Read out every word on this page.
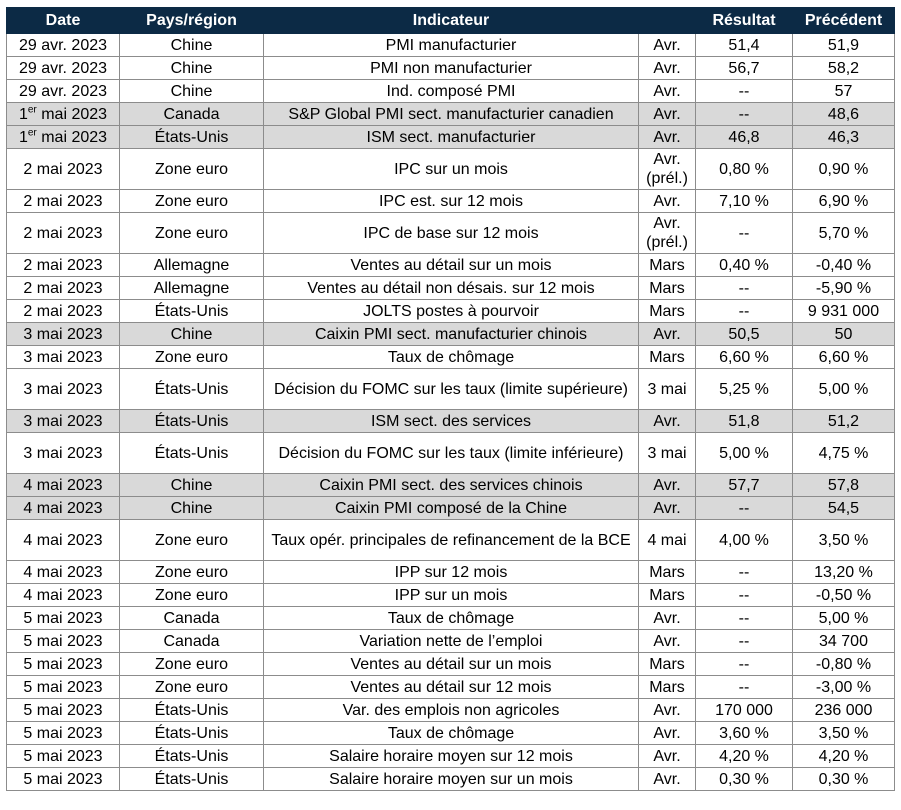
Date	Pays/région	Indicateur		Résultat	Précédent
29 avr. 2023	Chine	PMI manufacturier	Avr.	51,4	51,9
29 avr. 2023	Chine	PMI non manufacturier	Avr.	56,7	58,2
29 avr. 2023	Chine	Ind. composé PMI	Avr.	--	57
1er mai 2023	Canada	S&P Global PMI sect. manufacturier canadien	Avr.	--	48,6
1er mai 2023	États-Unis	ISM sect. manufacturier	Avr.	46,8	46,3
2 mai 2023	Zone euro	IPC sur un mois	Avr. (prél.)	0,80 %	0,90 %
2 mai 2023	Zone euro	IPC est. sur 12 mois	Avr.	7,10 %	6,90 %
2 mai 2023	Zone euro	IPC de base sur 12 mois	Avr. (prél.)	--	5,70 %
2 mai 2023	Allemagne	Ventes au détail sur un mois	Mars	0,40 %	-0,40 %
2 mai 2023	Allemagne	Ventes au détail non désais. sur 12 mois	Mars	--	-5,90 %
2 mai 2023	États-Unis	JOLTS postes à pourvoir	Mars	--	9 931 000
3 mai 2023	Chine	Caixin PMI sect. manufacturier chinois	Avr.	50,5	50
3 mai 2023	Zone euro	Taux de chômage	Mars	6,60 %	6,60 %
3 mai 2023	États-Unis	Décision du FOMC sur les taux (limite supérieure)	3 mai	5,25 %	5,00 %
3 mai 2023	États-Unis	ISM sect. des services	Avr.	51,8	51,2
3 mai 2023	États-Unis	Décision du FOMC sur les taux (limite inférieure)	3 mai	5,00 %	4,75 %
4 mai 2023	Chine	Caixin PMI sect. des services chinois	Avr.	57,7	57,8
4 mai 2023	Chine	Caixin PMI composé de la Chine	Avr.	--	54,5
4 mai 2023	Zone euro	Taux opér. principales de refinancement de la BCE	4 mai	4,00 %	3,50 %
4 mai 2023	Zone euro	IPP sur 12 mois	Mars	--	13,20 %
4 mai 2023	Zone euro	IPP sur un mois	Mars	--	-0,50 %
5 mai 2023	Canada	Taux de chômage	Avr.	--	5,00 %
5 mai 2023	Canada	Variation nette de l’emploi	Avr.	--	34 700
5 mai 2023	Zone euro	Ventes au détail sur un mois	Mars	--	-0,80 %
5 mai 2023	Zone euro	Ventes au détail sur 12 mois	Mars	--	-3,00 %
5 mai 2023	États-Unis	Var. des emplois non agricoles	Avr.	170 000	236 000
5 mai 2023	États-Unis	Taux de chômage	Avr.	3,60 %	3,50 %
5 mai 2023	États-Unis	Salaire horaire moyen sur 12 mois	Avr.	4,20 %	4,20 %
5 mai 2023	États-Unis	Salaire horaire moyen sur un mois	Avr.	0,30 %	0,30 %
